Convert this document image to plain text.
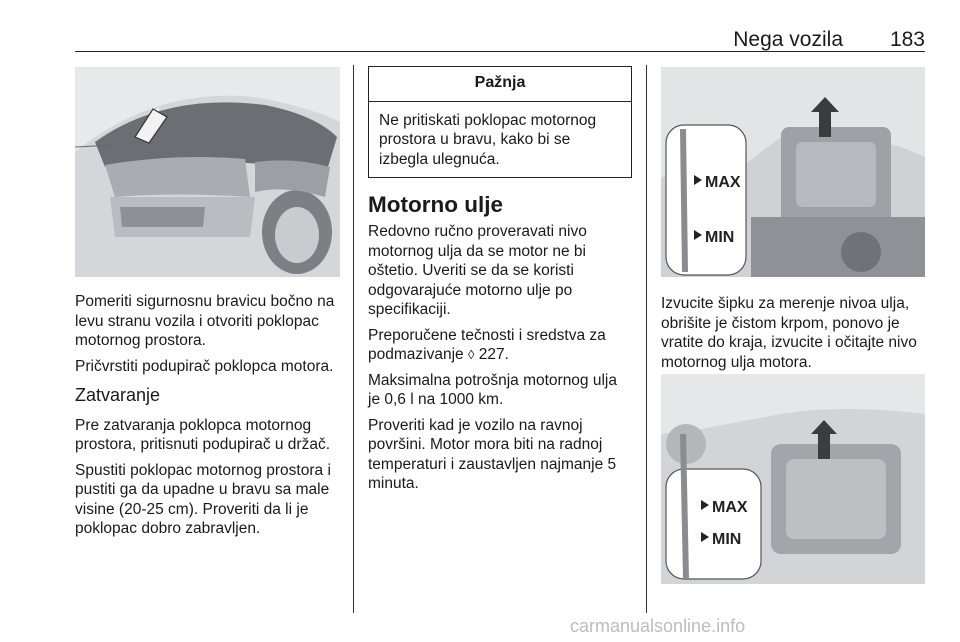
Nega vozila 183

Pomeriti sigurnosnu bravicu bočno na levu stranu vozila i otvoriti poklopac motornog prostora.

Pričvrstiti podupirač poklopca motora.

Zatvaranje

Pre zatvaranja poklopca motornog prostora, pritisnuti podupirač u držač.

Spustiti poklopac motornog prostora i pustiti ga da upadne u bravu sa male visine (20-25 cm). Proveriti da li je poklopac dobro zabravljen.

Pažnja
Ne pritiskati poklopac motornog prostora u bravu, kako bi se izbegla ulegnuća.
Motorno ulje

Redovno ručno proveravati nivo motornog ulja da se motor ne bi oštetio. Uveriti se da se koristi odgovarajuće motorno ulje po specifikaciji.

Preporučene tečnosti i sredstva za podmazivanje ◊ 227.

Maksimalna potrošnja motornog ulja je 0,6 l na 1000 km.

Proveriti kad je vozilo na ravnoj površini. Motor mora biti na radnoj temperaturi i zaustavljen najmanje 5 minuta.

MAX
MIN

Izvucite šipku za merenje nivoa ulja, obrišite je čistom krpom, ponovo je vratite do kraja, izvucite i očitajte nivo motornog ulja motora.

MAX
MIN
carmanualsonline.info
